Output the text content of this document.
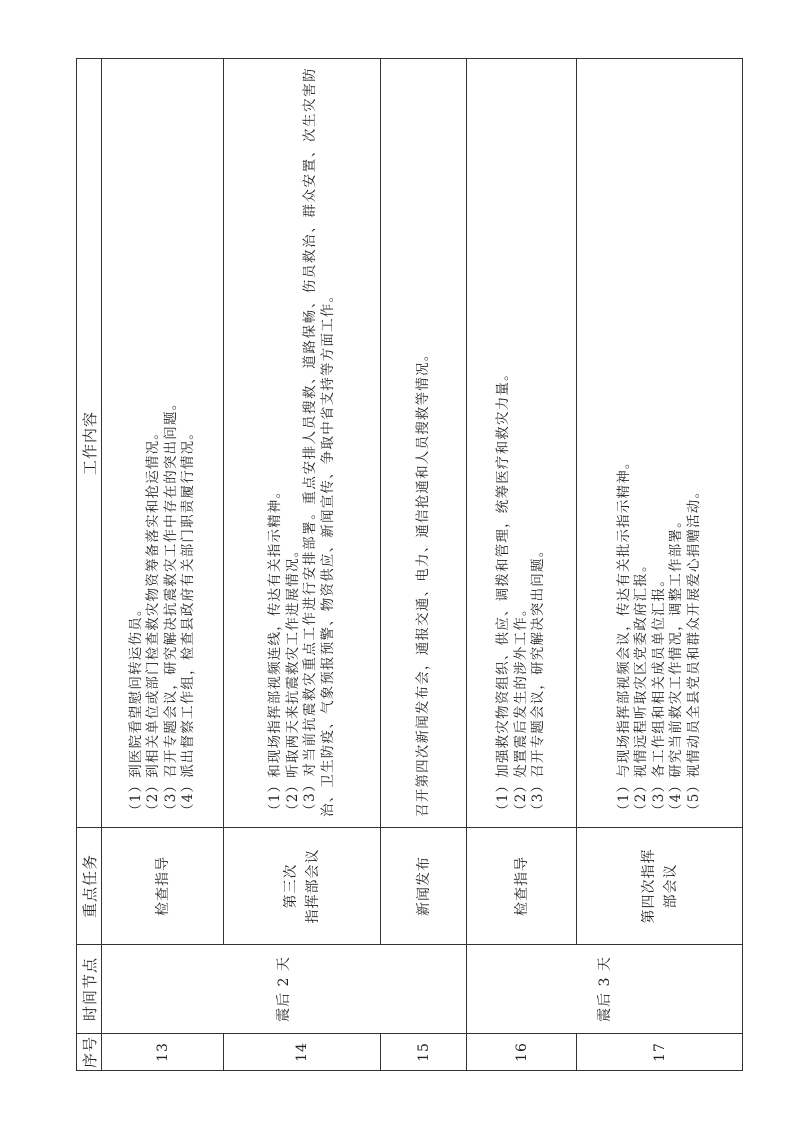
序号	时间节点	重点任务	工作内容
13	震后 2 天	检查指导	（1）到医院看望慰问转运伤员。 （2）到相关单位或部门检查救灾物资筹备落实和抢运情况。 （3）召开专题会议，研究解决抗震救灾工作中存在的突出问题。 （4）派出督察工作组，检查县政府有关部门职责履行情况。

14		第三次 指挥部会议	（1）和现场指挥部视频连线，传达有关指示精神。 （2）听取两天来抗震救灾工作进展情况。 （3）对当前抗震救灾重点工作进行安排部署。重点安排人员搜救、道路保畅、伤员救治、群众安置、次生灾害防治、卫生防疫、气象预报预警、物资供应、新闻宣传、争取中省支持等方面工作。

15		新闻发布	召开第四次新闻发布会，通报交通、电力、通信抢通和人员搜救等情况。

16	震后 3 天	检查指导	（1）加强救灾物资组织、供应、调拨和管理，统筹医疗和救灾力量。 （2）处置震后发生的涉外工作。 （3）召开专题会议，研究解决突出问题。

17		第四次指挥 部会议	（1）与现场指挥部视频会议，传达有关批示指示精神。 （2）视情远程听取灾区党委政府汇报。 （3）各工作组和相关成员单位汇报。 （4）研究当前救灾工作情况，调整工作部署。 （5）视情动员全县党员和群众开展爱心捐赠活动。
